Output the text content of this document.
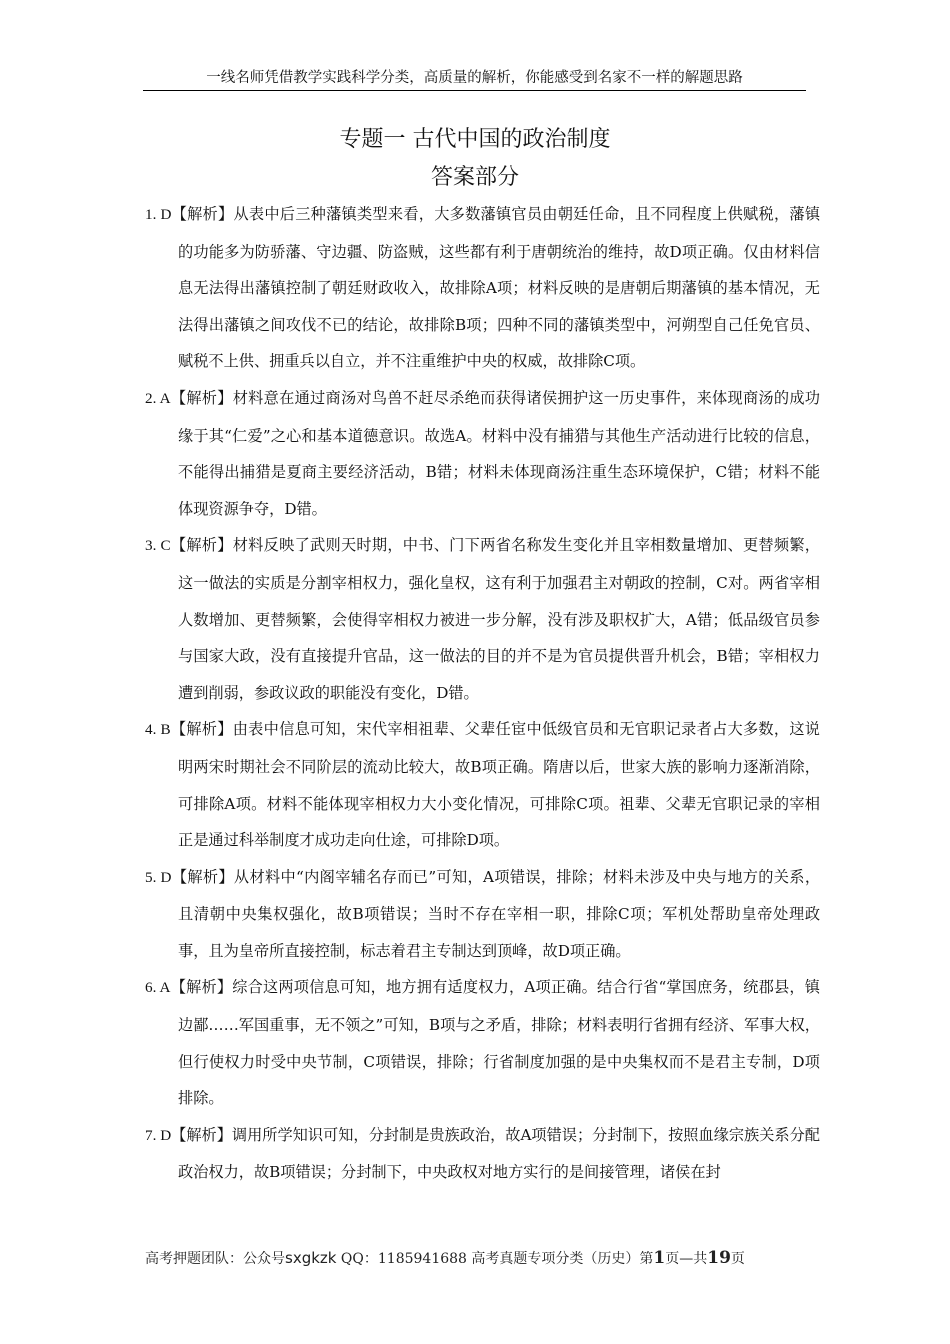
一线名师凭借教学实践科学分类，高质量的解析，你能感受到名家不一样的解题思路
专题一 古代中国的政治制度
答案部分
1. D【解析】从表中后三种藩镇类型来看，大多数藩镇官员由朝廷任命，且不同程度上供赋税，藩镇的功能多为防骄藩、守边疆、防盗贼，这些都有利于唐朝统治的维持，故D项正确。仅由材料信息无法得出藩镇控制了朝廷财政收入，故排除A项；材料反映的是唐朝后期藩镇的基本情况，无法得出藩镇之间攻伐不已的结论，故排除B项；四种不同的藩镇类型中，河朔型自己任免官员、赋税不上供、拥重兵以自立，并不注重维护中央的权威，故排除C项。
2. A【解析】材料意在通过商汤对鸟兽不赶尽杀绝而获得诸侯拥护这一历史事件，来体现商汤的成功缘于其“仁爱”之心和基本道德意识。故选A。材料中没有捕猎与其他生产活动进行比较的信息，不能得出捕猎是夏商主要经济活动，B错；材料未体现商汤注重生态环境保护，C错；材料不能体现资源争夺，D错。
3. C【解析】材料反映了武则天时期，中书、门下两省名称发生变化并且宰相数量增加、更替频繁，这一做法的实质是分割宰相权力，强化皇权，这有利于加强君主对朝政的控制，C对。两省宰相人数增加、更替频繁，会使得宰相权力被进一步分解，没有涉及职权扩大，A错；低品级官员参与国家大政，没有直接提升官品，这一做法的目的并不是为官员提供晋升机会，B错；宰相权力遭到削弱，参政议政的职能没有变化，D错。
4. B【解析】由表中信息可知，宋代宰相祖辈、父辈任宦中低级官员和无官职记录者占大多数，这说明两宋时期社会不同阶层的流动比较大，故B项正确。隋唐以后，世家大族的影响力逐渐消除，可排除A项。材料不能体现宰相权力大小变化情况，可排除C项。祖辈、父辈无官职记录的宰相正是通过科举制度才成功走向仕途，可排除D项。
5. D【解析】从材料中“内阁宰辅名存而已”可知，A项错误，排除；材料未涉及中央与地方的关系，且清朝中央集权强化，故B项错误；当时不存在宰相一职，排除C项；军机处帮助皇帝处理政事，且为皇帝所直接控制，标志着君主专制达到顶峰，故D项正确。
6. A【解析】综合这两项信息可知，地方拥有适度权力，A项正确。结合行省“掌国庶务，统郡县，镇边鄙……军国重事，无不领之”可知，B项与之矛盾，排除；材料表明行省拥有经济、军事大权，但行使权力时受中央节制，C项错误，排除；行省制度加强的是中央集权而不是君主专制，D项排除。
7. D【解析】调用所学知识可知，分封制是贵族政治，故A项错误；分封制下，按照血缘宗族关系分配政治权力，故B项错误；分封制下，中央政权对地方实行的是间接管理，诸侯在封
高考押题团队：公众号sxgkzk QQ：1185941688 高考真题专项分类（历史）第1页—共19页
